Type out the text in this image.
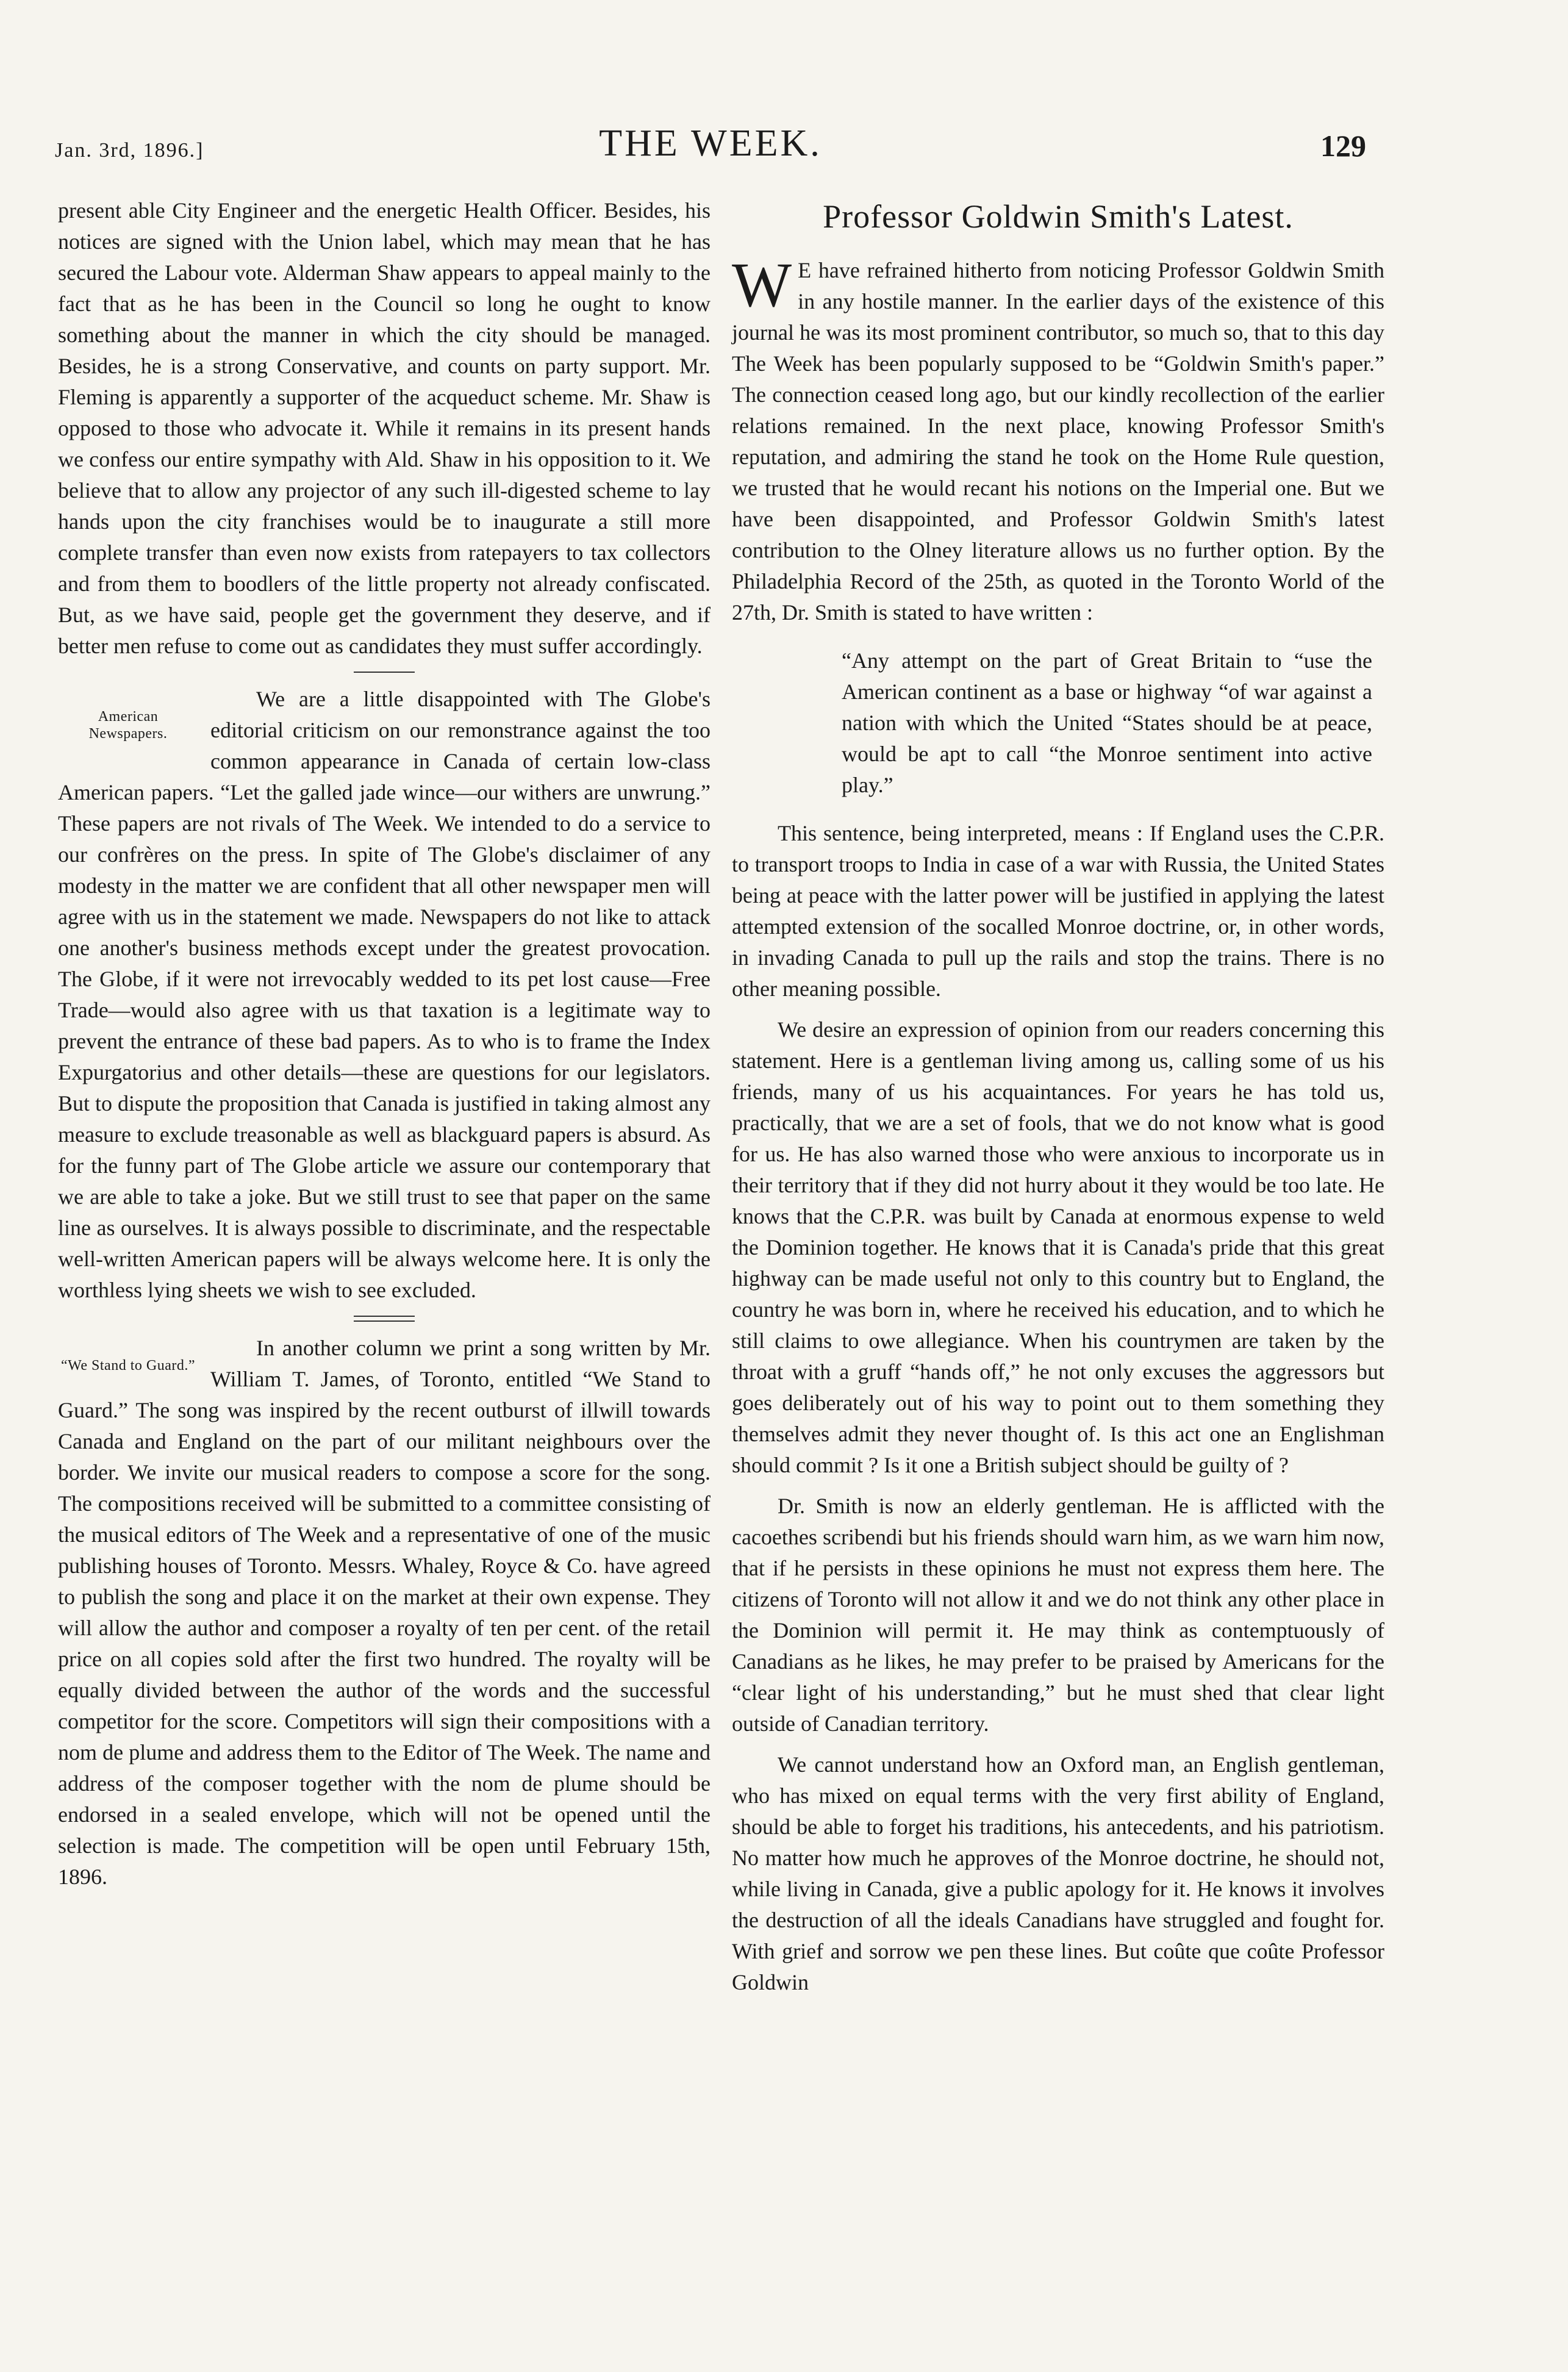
Jan. 3rd, 1896.]	THE WEEK.	129

present able City Engineer and the energetic Health Officer. Besides, his notices are signed with the Union label, which may mean that he has secured the Labour vote. Alderman Shaw appears to appeal mainly to the fact that as he has been in the Council so long he ought to know something about the manner in which the city should be managed. Besides, he is a strong Conservative, and counts on party support. Mr. Fleming is apparently a supporter of the acqueduct scheme. Mr. Shaw is opposed to those who advocate it. While it remains in its present hands we confess our entire sympathy with Ald. Shaw in his opposition to it. We believe that to allow any projector of any such ill-digested scheme to lay hands upon the city franchises would be to inaugurate a still more complete transfer than even now exists from ratepayers to tax collectors and from them to boodlers of the little property not already confiscated. But, as we have said, people get the government they deserve, and if better men refuse to come out as candidates they must suffer accordingly.

American Newspapers.

We are a little disappointed with The Globe's editorial criticism on our remonstrance against the too common appearance in Canada of certain low-class American papers. “Let the galled jade wince—our withers are unwrung.” These papers are not rivals of The Week. We intended to do a service to our confrères on the press. In spite of The Globe's disclaimer of any modesty in the matter we are confident that all other newspaper men will agree with us in the statement we made. Newspapers do not like to attack one another's business methods except under the greatest provocation. The Globe, if it were not irrevocably wedded to its pet lost cause—Free Trade—would also agree with us that taxation is a legitimate way to prevent the entrance of these bad papers. As to who is to frame the Index Expurgatorius and other details—these are questions for our legislators. But to dispute the proposition that Canada is justified in taking almost any measure to exclude treasonable as well as blackguard papers is absurd. As for the funny part of The Globe article we assure our contemporary that we are able to take a joke. But we still trust to see that paper on the same line as ourselves. It is always possible to discriminate, and the respectable well-written American papers will be always welcome here. It is only the worthless lying sheets we wish to see excluded.

“We Stand to Guard.”

In another column we print a song written by Mr. William T. James, of Toronto, entitled “We Stand to Guard.” The song was inspired by the recent outburst of illwill towards Canada and England on the part of our militant neighbours over the border. We invite our musical readers to compose a score for the song. The compositions received will be submitted to a committee consisting of the musical editors of The Week and a representative of one of the music publishing houses of Toronto. Messrs. Whaley, Royce & Co. have agreed to publish the song and place it on the market at their own expense. They will allow the author and composer a royalty of ten per cent. of the retail price on all copies sold after the first two hundred. The royalty will be equally divided between the author of the words and the successful competitor for the score. Competitors will sign their compositions with a nom de plume and address them to the Editor of The Week. The name and address of the composer together with the nom de plume should be endorsed in a sealed envelope, which will not be opened until the selection is made. The competition will be open until February 15th, 1896.

Professor Goldwin Smith's Latest.

W E have refrained hitherto from noticing Professor Goldwin Smith in any hostile manner. In the earlier days of the existence of this journal he was its most prominent contributor, so much so, that to this day The Week has been popularly supposed to be “Goldwin Smith's paper.” The connection ceased long ago, but our kindly recollection of the earlier relations remained. In the next place, knowing Professor Smith's reputation, and admiring the stand he took on the Home Rule question, we trusted that he would recant his notions on the Imperial one. But we have been disappointed, and Professor Goldwin Smith's latest contribution to the Olney literature allows us no further option. By the Philadelphia Record of the 25th, as quoted in the Toronto World of the 27th, Dr. Smith is stated to have written :

“Any attempt on the part of Great Britain to “use the American continent as a base or highway “of war against a nation with which the United “States should be at peace, would be apt to call “the Monroe sentiment into active play.”

This sentence, being interpreted, means : If England uses the C.P.R. to transport troops to India in case of a war with Russia, the United States being at peace with the latter power will be justified in applying the latest attempted extension of the socalled Monroe doctrine, or, in other words, in invading Canada to pull up the rails and stop the trains. There is no other meaning possible.

We desire an expression of opinion from our readers concerning this statement. Here is a gentleman living among us, calling some of us his friends, many of us his acquaintances. For years he has told us, practically, that we are a set of fools, that we do not know what is good for us. He has also warned those who were anxious to incorporate us in their territory that if they did not hurry about it they would be too late. He knows that the C.P.R. was built by Canada at enormous expense to weld the Dominion together. He knows that it is Canada's pride that this great highway can be made useful not only to this country but to England, the country he was born in, where he received his education, and to which he still claims to owe allegiance. When his countrymen are taken by the throat with a gruff “hands off,” he not only excuses the aggressors but goes deliberately out of his way to point out to them something they themselves admit they never thought of. Is this act one an Englishman should commit ? Is it one a British subject should be guilty of ?

Dr. Smith is now an elderly gentleman. He is afflicted with the cacoethes scribendi but his friends should warn him, as we warn him now, that if he persists in these opinions he must not express them here. The citizens of Toronto will not allow it and we do not think any other place in the Dominion will permit it. He may think as contemptuously of Canadians as he likes, he may prefer to be praised by Americans for the “clear light of his understanding,” but he must shed that clear light outside of Canadian territory.

We cannot understand how an Oxford man, an English gentleman, who has mixed on equal terms with the very first ability of England, should be able to forget his traditions, his antecedents, and his patriotism. No matter how much he approves of the Monroe doctrine, he should not, while living in Canada, give a public apology for it. He knows it involves the destruction of all the ideals Canadians have struggled and fought for. With grief and sorrow we pen these lines. But coûte que coûte Professor Goldwin
